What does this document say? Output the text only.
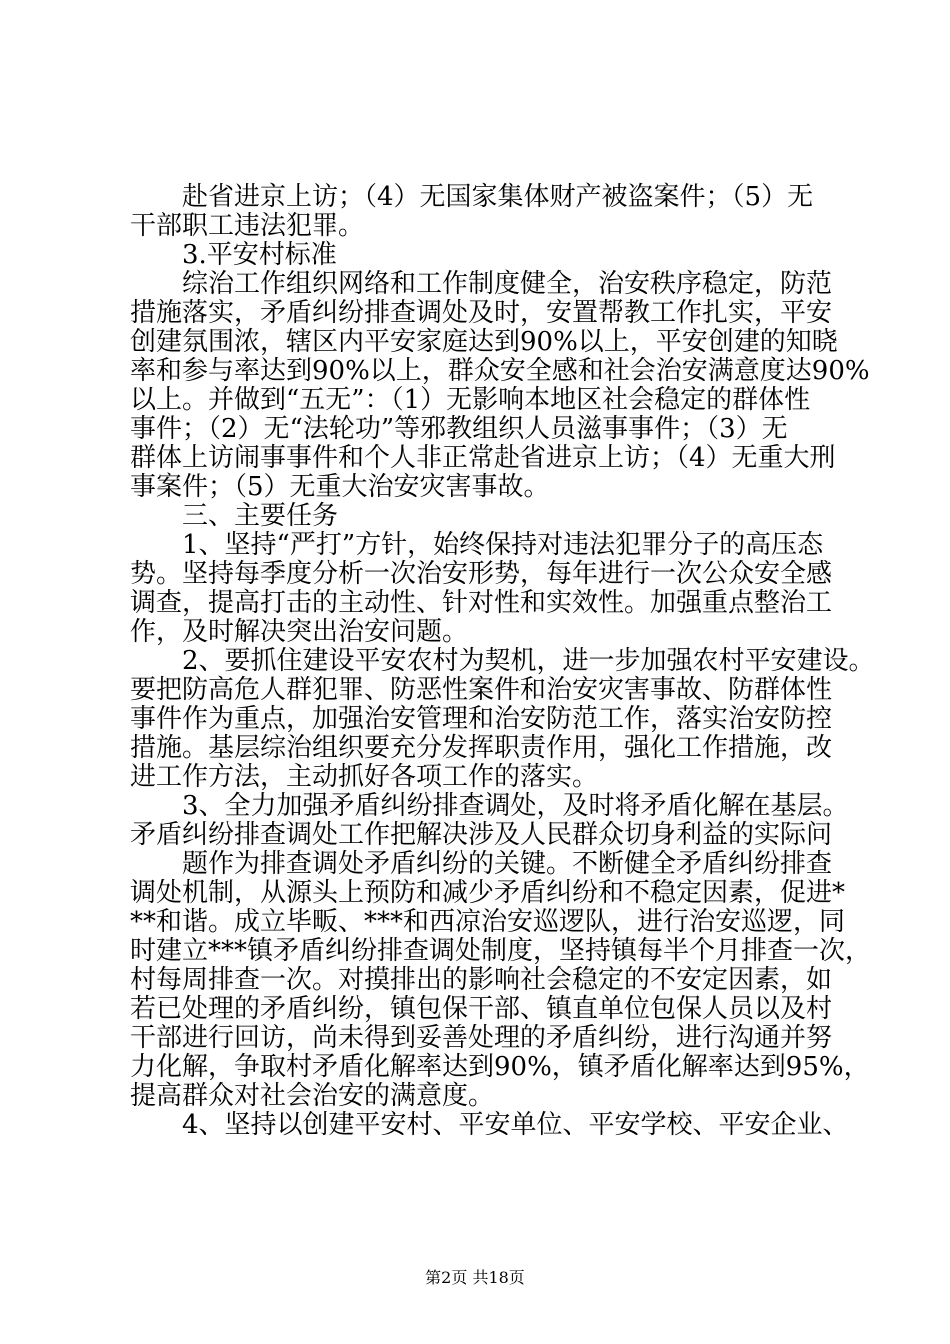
赴省进京上访；（4）无国家集体财产被盗案件；（5）无
干部职工违法犯罪。
3.平安村标准
综治工作组织网络和工作制度健全，治安秩序稳定，防范
措施落实，矛盾纠纷排查调处及时，安置帮教工作扎实，平安
创建氛围浓，辖区内平安家庭达到90%以上，平安创建的知晓
率和参与率达到90%以上，群众安全感和社会治安满意度达90%
以上。并做到“五无”：（1）无影响本地区社会稳定的群体性
事件；（2）无“法轮功”等邪教组织人员滋事事件；（3）无
群体上访闹事事件和个人非正常赴省进京上访；（4）无重大刑
事案件；（5）无重大治安灾害事故。
三、主要任务
1、坚持“严打”方针，始终保持对违法犯罪分子的高压态
势。坚持每季度分析一次治安形势，每年进行一次公众安全感
调查，提高打击的主动性、针对性和实效性。加强重点整治工
作，及时解决突出治安问题。
2、要抓住建设平安农村为契机，进一步加强农村平安建设。
要把防高危人群犯罪、防恶性案件和治安灾害事故、防群体性
事件作为重点，加强治安管理和治安防范工作，落实治安防控
措施。基层综治组织要充分发挥职责作用，强化工作措施，改
进工作方法，主动抓好各项工作的落实。
3、全力加强矛盾纠纷排查调处，及时将矛盾化解在基层。
矛盾纠纷排查调处工作把解决涉及人民群众切身利益的实际问
题作为排查调处矛盾纠纷的关键。不断健全矛盾纠纷排查
调处机制，从源头上预防和减少矛盾纠纷和不稳定因素，促进*
**和谐。成立毕畈、***和西凉治安巡逻队，进行治安巡逻，同
时建立***镇矛盾纠纷排查调处制度，坚持镇每半个月排查一次，
村每周排查一次。对摸排出的影响社会稳定的不安定因素，如
若已处理的矛盾纠纷，镇包保干部、镇直单位包保人员以及村
干部进行回访，尚未得到妥善处理的矛盾纠纷，进行沟通并努
力化解，争取村矛盾化解率达到90%，镇矛盾化解率达到95%，
提高群众对社会治安的满意度。
4、坚持以创建平安村、平安单位、平安学校、平安企业、
第2页 共18页
